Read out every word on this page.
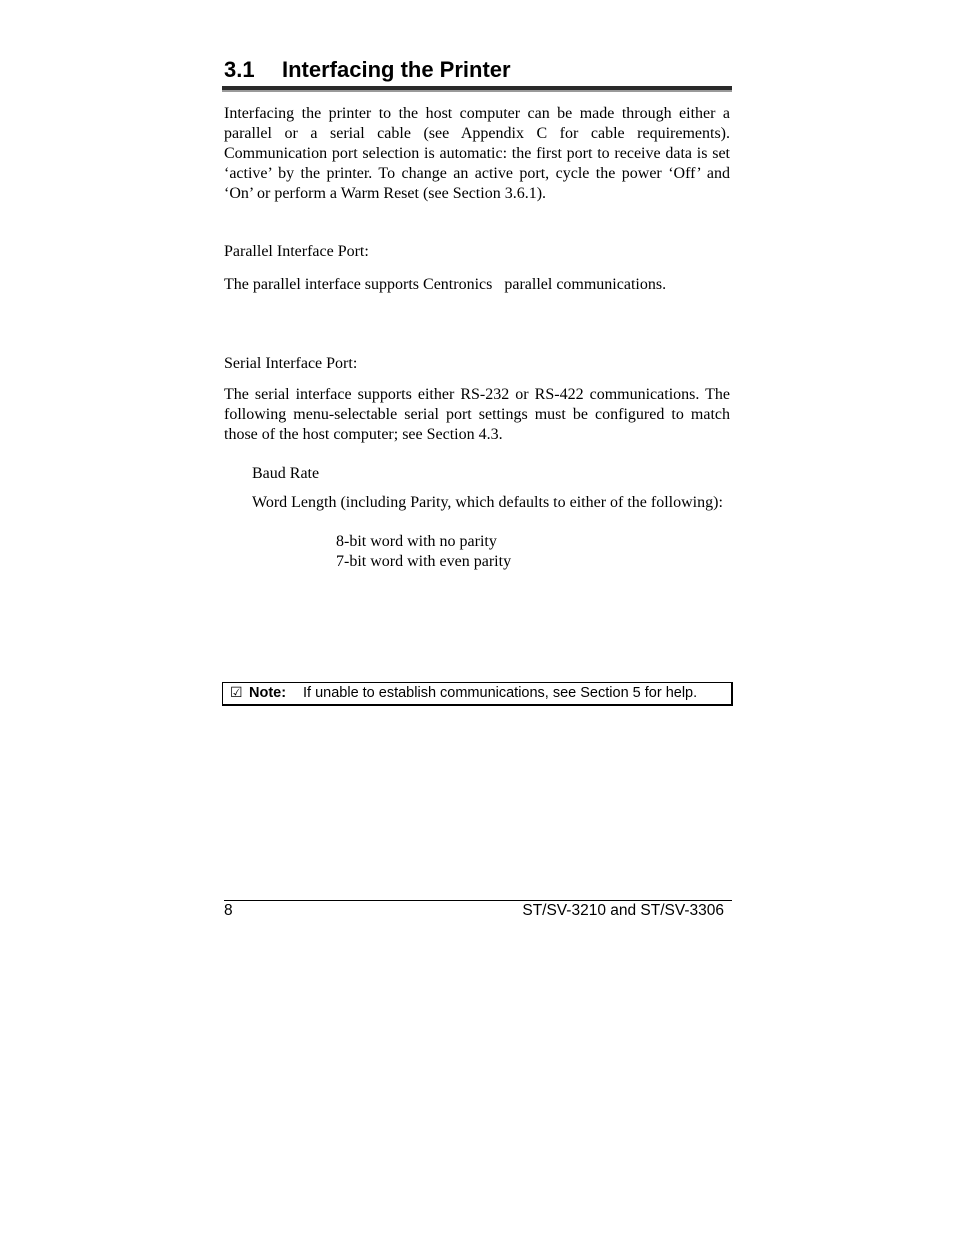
3.1 Interfacing the Printer
Interfacing the printer to the host computer can be made through either a parallel or a serial cable (see Appendix C for cable requirements). Communication port selection is automatic: the first port to receive data is set ‘active’ by the printer. To change an active port, cycle the power ‘Off’ and ‘On’ or perform a Warm Reset (see Section 3.6.1).
Parallel Interface Port:
The parallel interface supports Centronics   parallel communications.
Serial Interface Port:
The serial interface supports either RS-232 or RS-422 communications. The following menu-selectable serial port settings must be configured to match those of the host computer; see Section 4.3.
Baud Rate
Word Length (including Parity, which defaults to either of the following):
8-bit word with no parity
7-bit word with even parity
☑ Note: If unable to establish communications, see Section 5 for help.
8	ST/SV-3210 and ST/SV-3306
